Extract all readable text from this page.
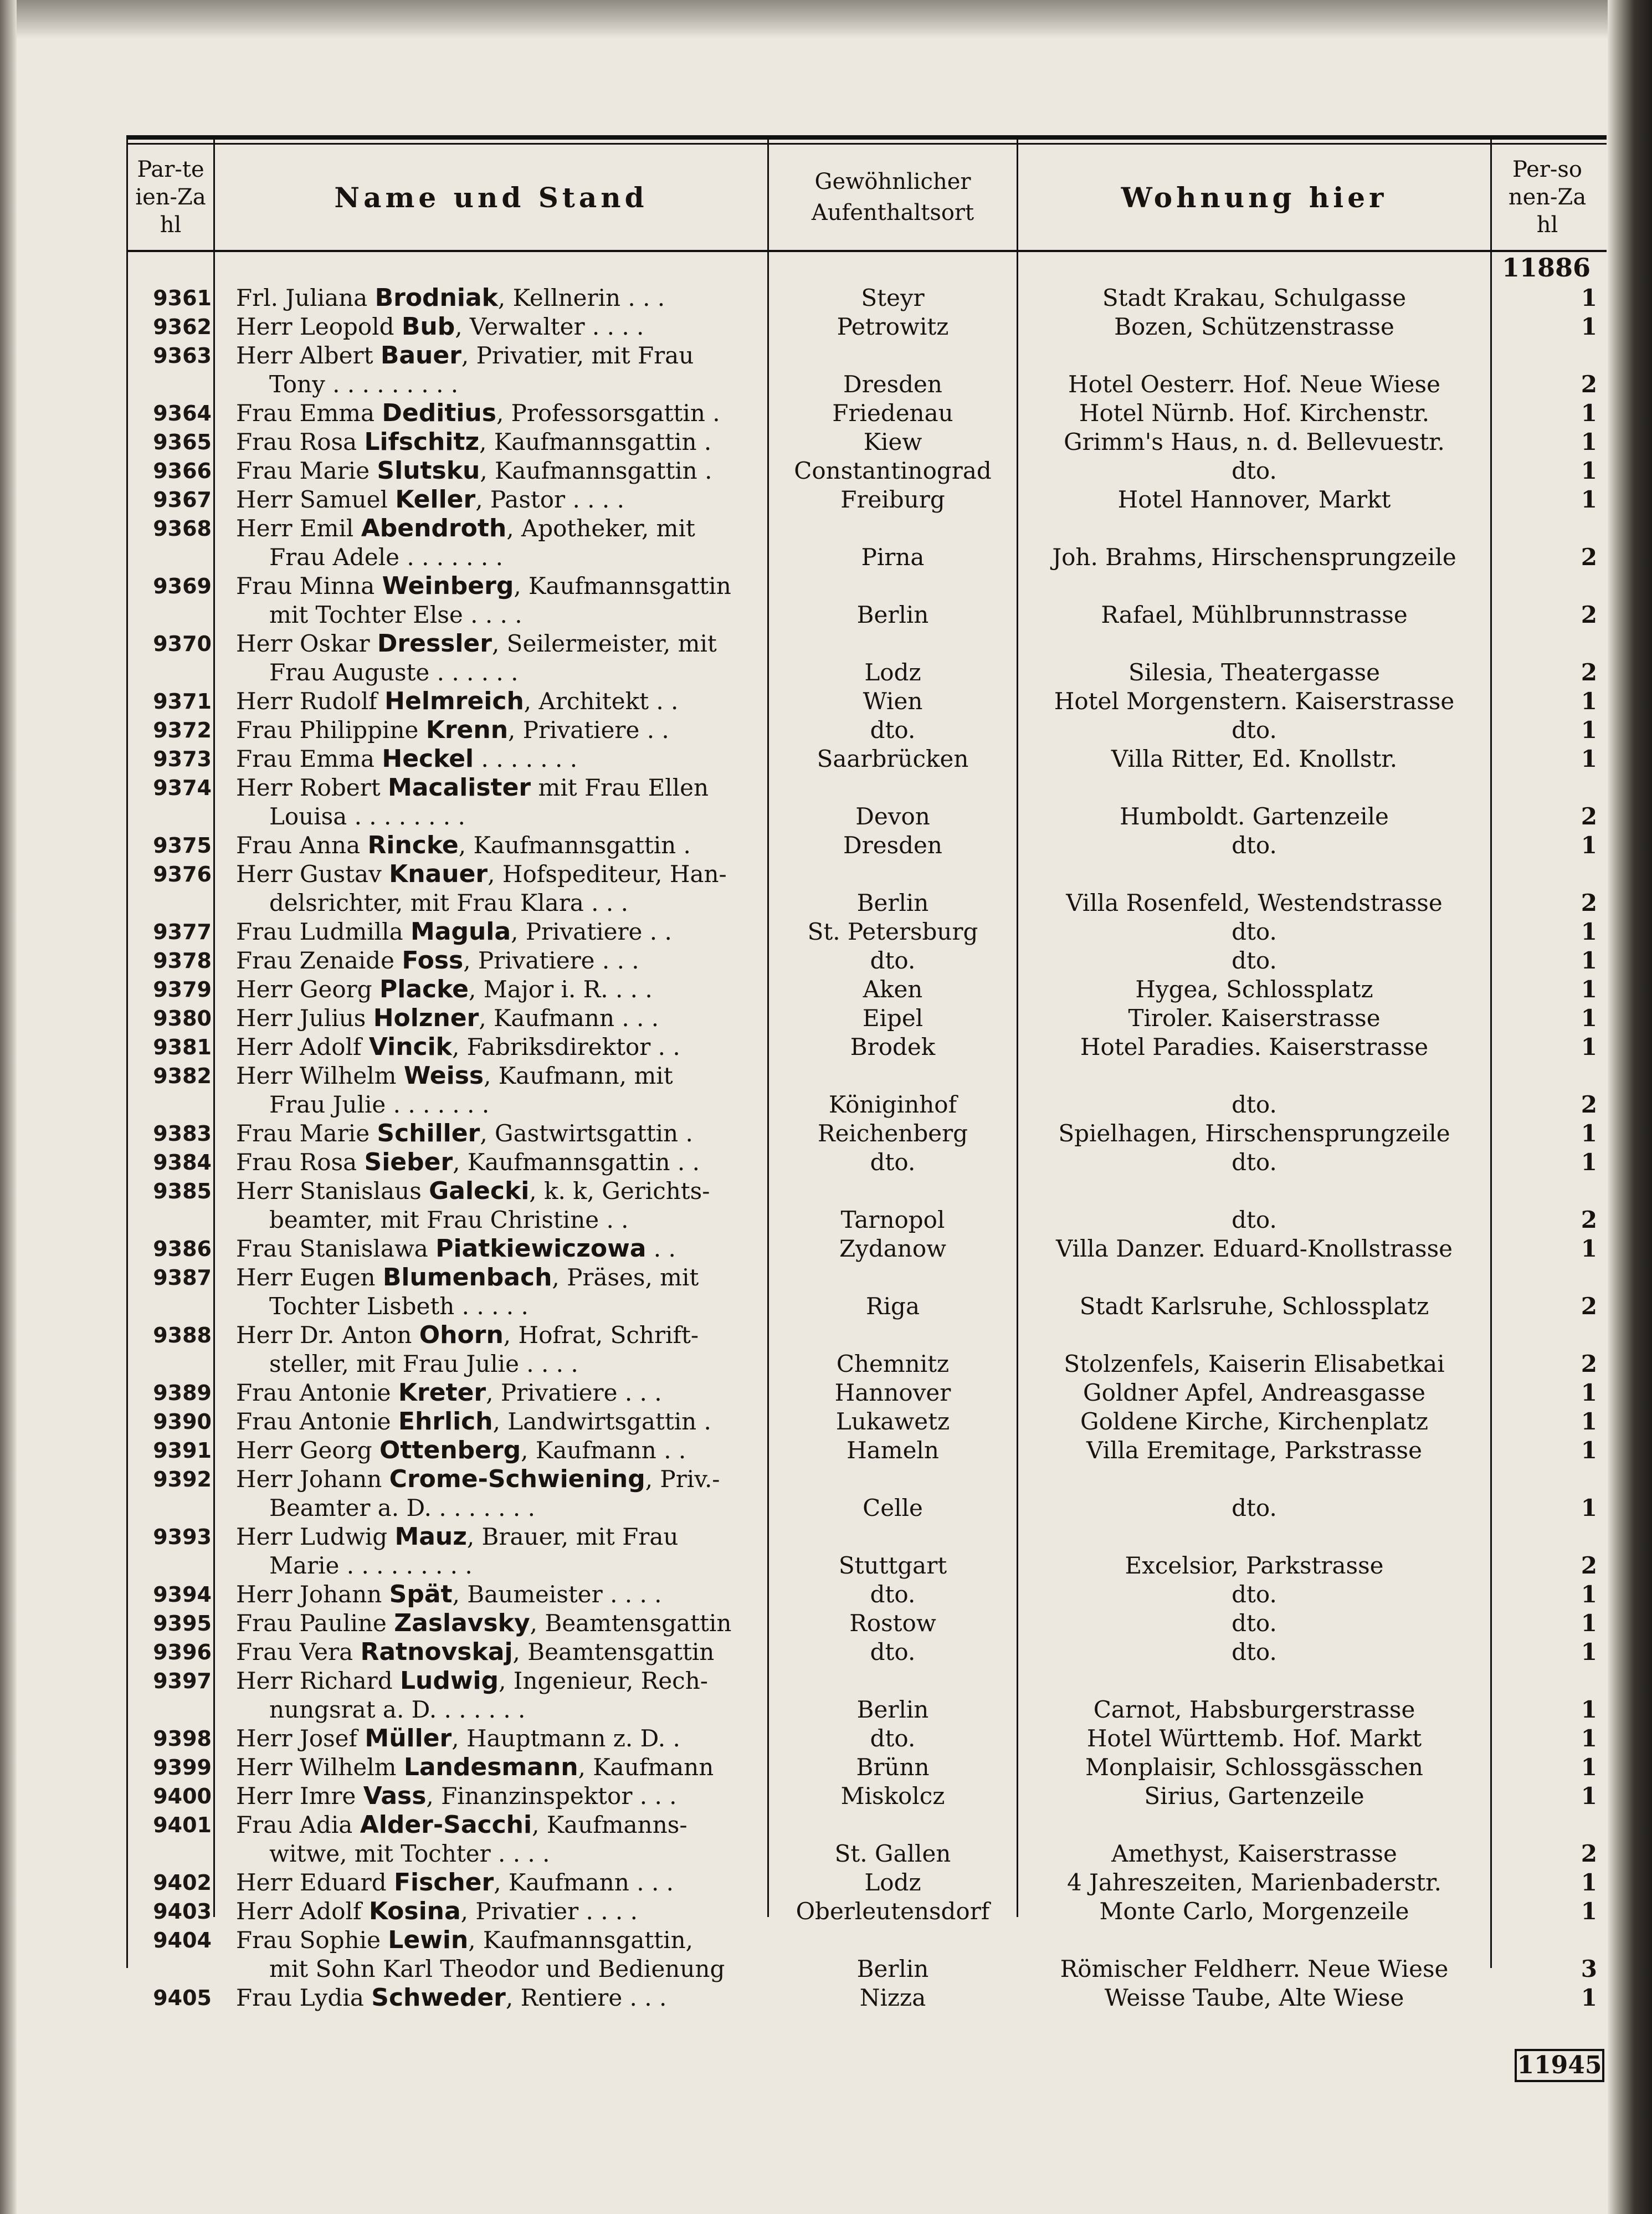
Par-teien-Zahl
Name und Stand	Gewöhnlicher Aufenthaltsort	Wohnung hier
Per-sonen-Zahl
11886
9361 Frl. Juliana Brodniak, Kellnerin . . .	Steyr	Stadt Krakau, Schulgasse	1
9362 Herr Leopold Bub, Verwalter . . . .	Petrowitz	Bozen, Schützenstrasse	1
9363 Herr Albert Bauer, Privatier, mit Frau
Tony . . . . . . . . .	Dresden	Hotel Oesterr. Hof. Neue Wiese	2
9364 Frau Emma Deditius, Professorsgattin .	Friedenau	Hotel Nürnb. Hof. Kirchenstr.	1
9365 Frau Rosa Lifschitz, Kaufmannsgattin .	Kiew	Grimm's Haus, n. d. Bellevuestr.	1
9366 Frau Marie Slutsku, Kaufmannsgattin .	Constantinograd	dto.	1
9367 Herr Samuel Keller, Pastor . . . .	Freiburg	Hotel Hannover, Markt	1
9368 Herr Emil Abendroth, Apotheker, mit
Frau Adele . . . . . . .	Pirna	Joh. Brahms, Hirschensprungzeile	2
9369 Frau Minna Weinberg, Kaufmannsgattin
mit Tochter Else . . . .	Berlin	Rafael, Mühlbrunnstrasse	2
9370 Herr Oskar Dressler, Seilermeister, mit
Frau Auguste . . . . . .	Lodz	Silesia, Theatergasse	2
9371 Herr Rudolf Helmreich, Architekt . .	Wien	Hotel Morgenstern. Kaiserstrasse	1
9372 Frau Philippine Krenn, Privatiere . .	dto.	dto.	1
9373 Frau Emma Heckel . . . . . . .	Saarbrücken	Villa Ritter, Ed. Knollstr.	1
9374 Herr Robert Macalister mit Frau Ellen
Louisa . . . . . . . .	Devon	Humboldt. Gartenzeile	2
9375 Frau Anna Rincke, Kaufmannsgattin .	Dresden	dto.	1
9376 Herr Gustav Knauer, Hofspediteur, Han-
delsrichter, mit Frau Klara . . .	Berlin	Villa Rosenfeld, Westendstrasse	2
9377 Frau Ludmilla Magula, Privatiere . .	St. Petersburg	dto.	1
9378 Frau Zenaide Foss, Privatiere . . .	dto.	dto.	1
9379 Herr Georg Placke, Major i. R. . . .	Aken	Hygea, Schlossplatz	1
9380 Herr Julius Holzner, Kaufmann . . .	Eipel	Tiroler. Kaiserstrasse	1
9381 Herr Adolf Vincik, Fabriksdirektor . .	Brodek	Hotel Paradies. Kaiserstrasse	1
9382 Herr Wilhelm Weiss, Kaufmann, mit
Frau Julie . . . . . . .	Königinhof	dto.	2
9383 Frau Marie Schiller, Gastwirtsgattin .	Reichenberg	Spielhagen, Hirschensprungzeile	1
9384 Frau Rosa Sieber, Kaufmannsgattin . .	dto.	dto.	1
9385 Herr Stanislaus Galecki, k. k, Gerichts-
beamter, mit Frau Christine . .	Tarnopol	dto.	2
9386 Frau Stanislawa Piatkiewiczowa . .	Zydanow	Villa Danzer. Eduard-Knollstrasse	1
9387 Herr Eugen Blumenbach, Präses, mit
Tochter Lisbeth . . . . .	Riga	Stadt Karlsruhe, Schlossplatz	2
9388 Herr Dr. Anton Ohorn, Hofrat, Schrift-
steller, mit Frau Julie . . . .	Chemnitz	Stolzenfels, Kaiserin Elisabetkai	2
9389 Frau Antonie Kreter, Privatiere . . .	Hannover	Goldner Apfel, Andreasgasse	1
9390 Frau Antonie Ehrlich, Landwirtsgattin .	Lukawetz	Goldene Kirche, Kirchenplatz	1
9391 Herr Georg Ottenberg, Kaufmann . .	Hameln	Villa Eremitage, Parkstrasse	1
9392 Herr Johann Crome-Schwiening, Priv.-
Beamter a. D. . . . . . . .	Celle	dto.	1
9393 Herr Ludwig Mauz, Brauer, mit Frau
Marie . . . . . . . . .	Stuttgart	Excelsior, Parkstrasse	2
9394 Herr Johann Spät, Baumeister . . . .	dto.	dto.	1
9395 Frau Pauline Zaslavsky, Beamtensgattin	Rostow	dto.	1
9396 Frau Vera Ratnovskaj, Beamtensgattin	dto.	dto.	1
9397 Herr Richard Ludwig, Ingenieur, Rech-
nungsrat a. D. . . . . . .	Berlin	Carnot, Habsburgerstrasse	1
9398 Herr Josef Müller, Hauptmann z. D. .	dto.	Hotel Württemb. Hof. Markt	1
9399 Herr Wilhelm Landesmann, Kaufmann	Brünn	Monplaisir, Schlossgässchen	1
9400 Herr Imre Vass, Finanzinspektor . . .	Miskolcz	Sirius, Gartenzeile	1
9401 Frau Adia Alder-Sacchi, Kaufmanns-
witwe, mit Tochter . . . .	St. Gallen	Amethyst, Kaiserstrasse	2
9402 Herr Eduard Fischer, Kaufmann . . .	Lodz	4 Jahreszeiten, Marienbaderstr.	1
9403 Herr Adolf Kosina, Privatier . . . .	Oberleutensdorf	Monte Carlo, Morgenzeile	1
9404 Frau Sophie Lewin, Kaufmannsgattin,
mit Sohn Karl Theodor und Bedienung	Berlin	Römischer Feldherr. Neue Wiese	3
9405 Frau Lydia Schweder, Rentiere . . .	Nizza	Weisse Taube, Alte Wiese	1
11945
